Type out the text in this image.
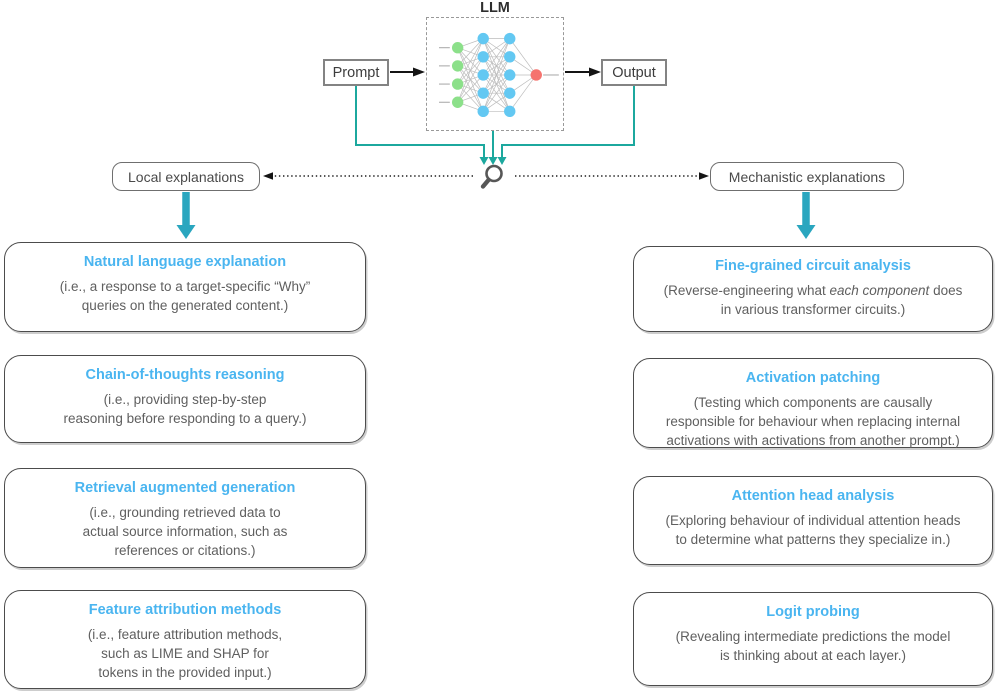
LLM
Prompt	Output
Local explanations	Mechanistic explanations
Natural language explanation
(i.e., a response to a target-specific “Why”
queries on the generated content.)
Chain-of-thoughts reasoning
(i.e., providing step-by-step
reasoning before responding to a query.)
Retrieval augmented generation
(i.e., grounding retrieved data to
actual source information, such as
references or citations.)
Feature attribution methods
(i.e., feature attribution methods,
such as LIME and SHAP for
tokens in the provided input.)
Fine-grained circuit analysis
(Reverse-engineering what each component does
in various transformer circuits.)
Activation patching
(Testing which components are causally
responsible for behaviour when replacing internal
activations with activations from another prompt.)
Attention head analysis
(Exploring behaviour of individual attention heads
to determine what patterns they specialize in.)
Logit probing
(Revealing intermediate predictions the model
is thinking about at each layer.)
